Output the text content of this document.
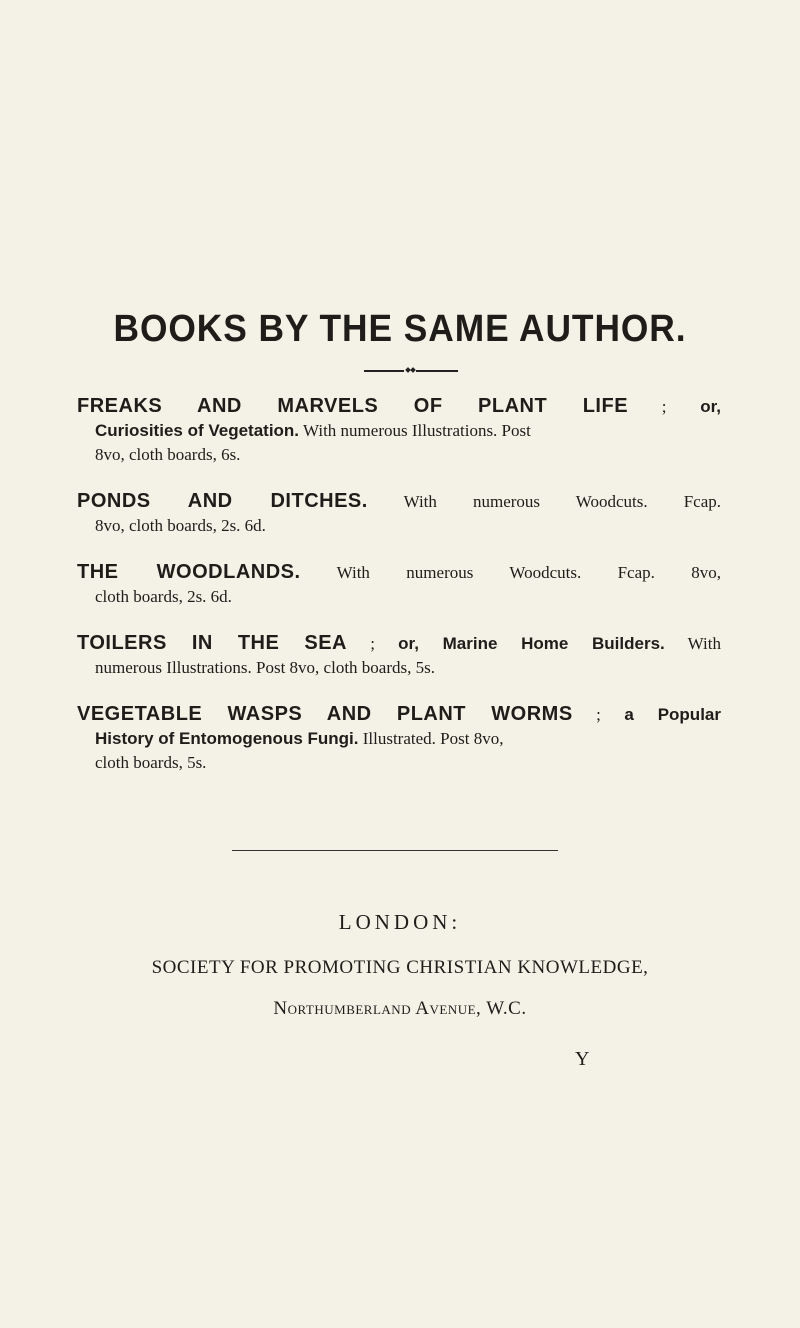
BOOKS BY THE SAME AUTHOR.
FREAKS AND MARVELS OF PLANT LIFE ; or,
Curiosities of Vegetation. With numerous Illustrations. Post
8vo, cloth boards, 6s.
PONDS AND DITCHES. With numerous Woodcuts. Fcap.
8vo, cloth boards, 2s. 6d.
THE WOODLANDS. With numerous Woodcuts. Fcap. 8vo,
cloth boards, 2s. 6d.
TOILERS IN THE SEA ; or, Marine Home Builders. With
numerous Illustrations. Post 8vo, cloth boards, 5s.
VEGETABLE WASPS AND PLANT WORMS ; a Popular
History of Entomogenous Fungi. Illustrated. Post 8vo,
cloth boards, 5s.
LONDON:
SOCIETY FOR PROMOTING CHRISTIAN KNOWLEDGE,
Northumberland Avenue, W.C.
Y
